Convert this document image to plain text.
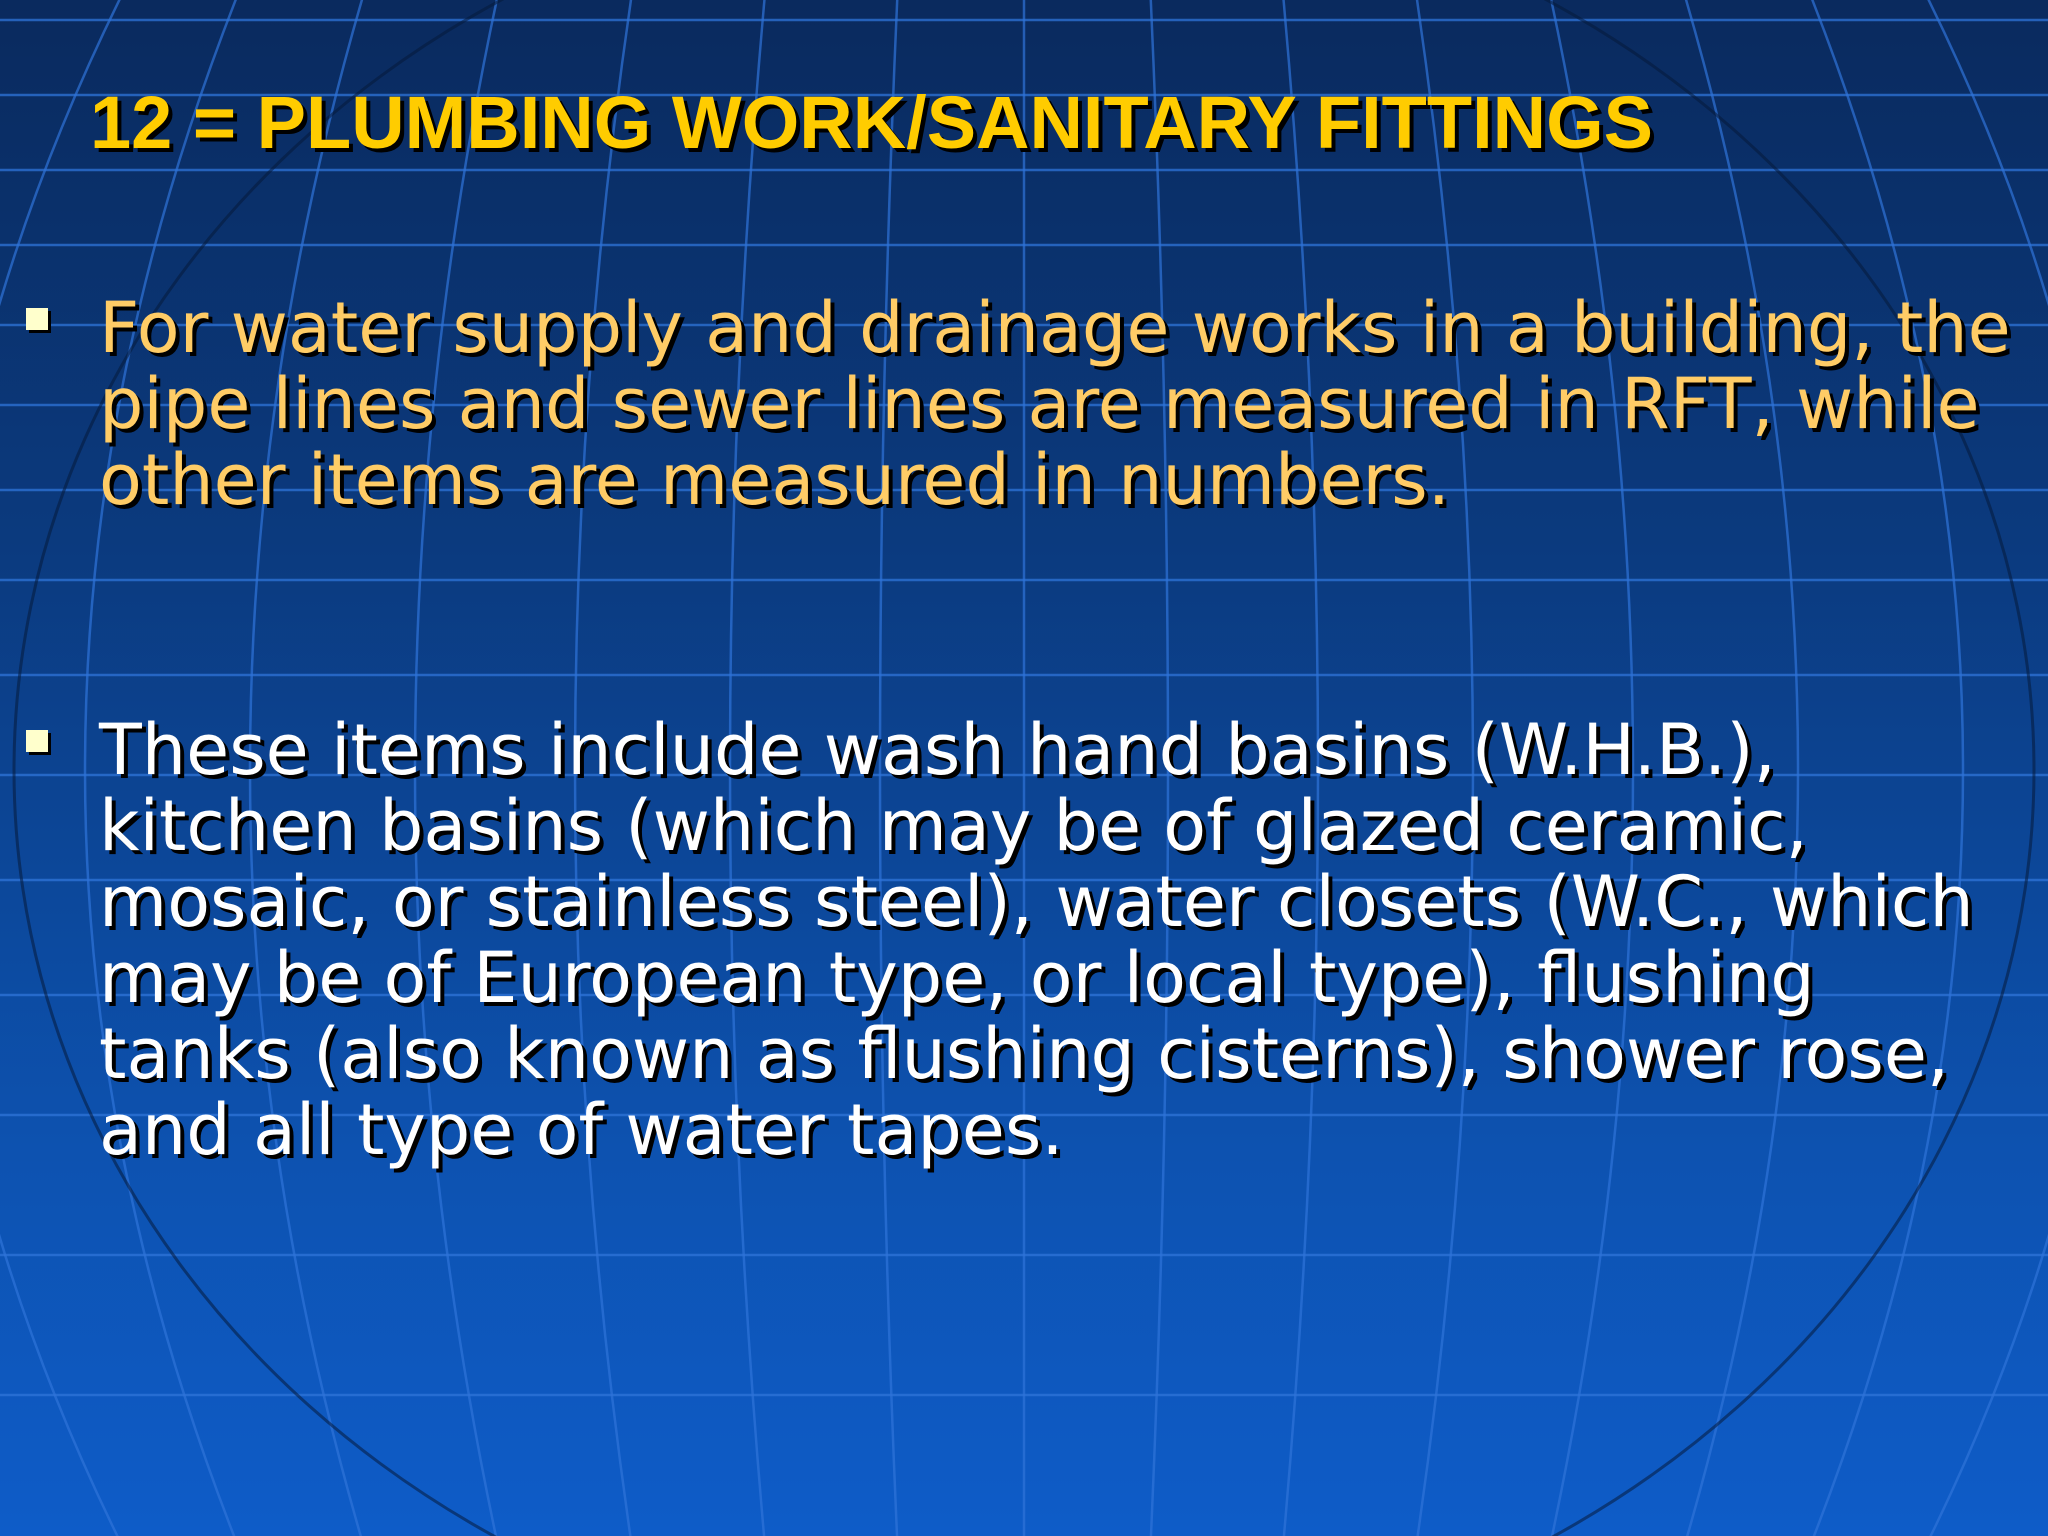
12 = PLUMBING WORK/SANITARY FITTINGS
For water supply and drainage works in a building, the pipe lines and sewer lines are measured in RFT, while other items are measured in numbers.
These items include wash hand basins (W.H.B.), kitchen basins (which may be of glazed ceramic, mosaic, or stainless steel), water closets (W.C., which may be of European type, or local type), flushing tanks (also known as flushing cisterns), shower rose, and all type of water tapes.
